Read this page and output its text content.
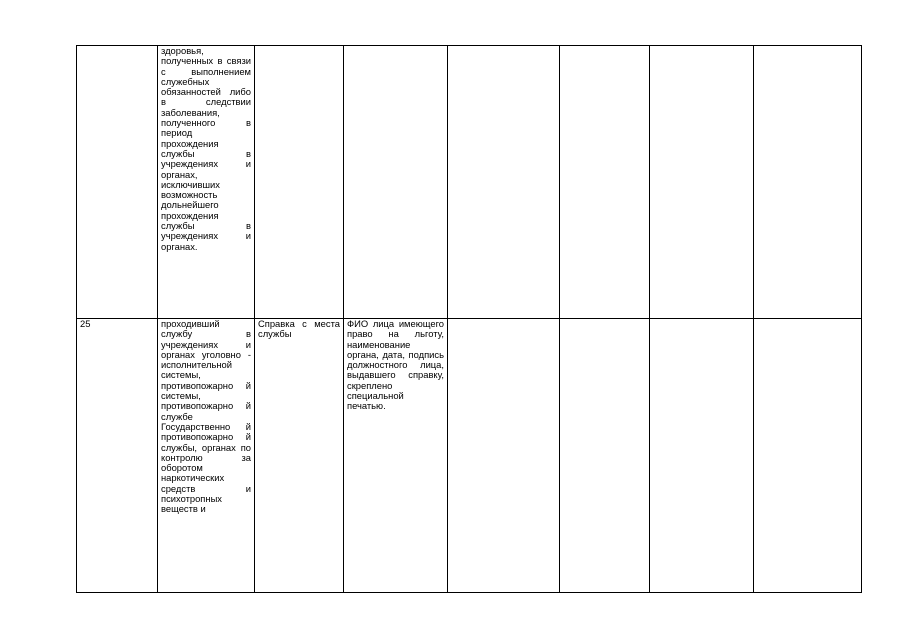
	здоровья, полученных в связи с выполнением служебных обязанностей либо в следствии заболевания, полученного в период прохождения службы в учреждениях и органах, исключивших возможность дольнейшего прохождения службы в учреждениях и органах.						

25	проходивший службу в учреждениях и органах уголовно - исполнительной системы, противопожарно й системы, противопожарно й службе Государственно й противопожарно й службы, органах по контролю за оборотом наркотических средств и психотропных веществ и	Справка с места службы	ФИО лица имеющего право на льготу, наименование органа, дата, подпись должностного лица, выдавшего справку, скреплено специальной печатью.				
